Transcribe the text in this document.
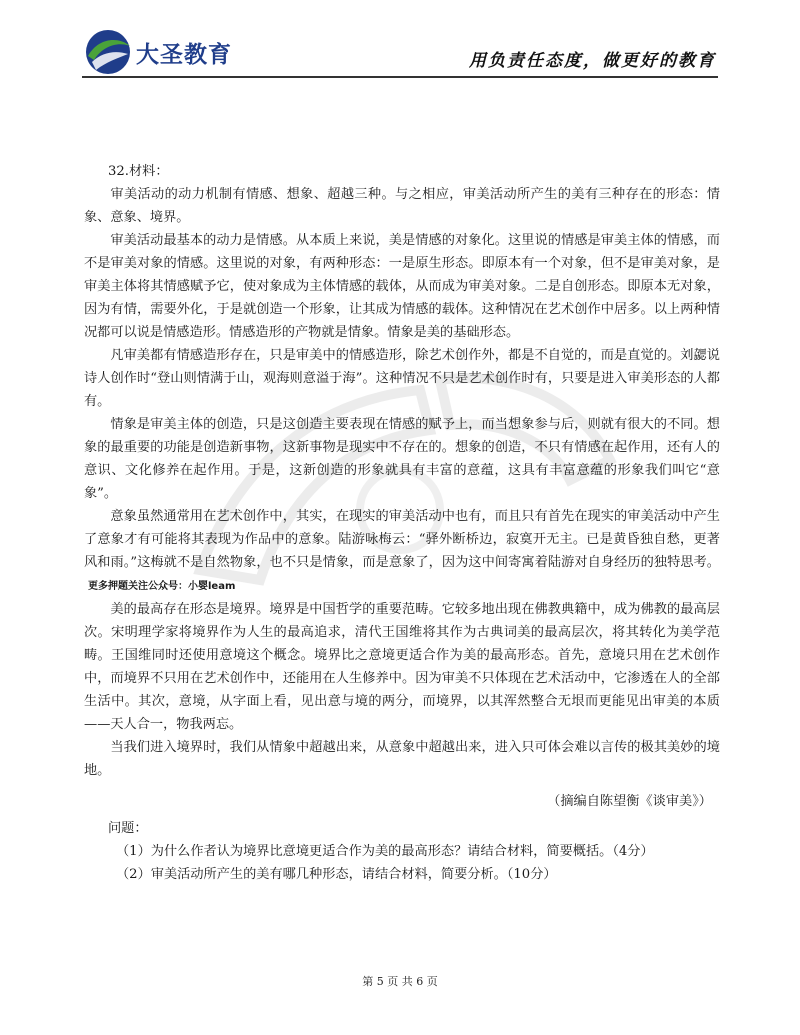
大圣教育	用负责任态度，做更好的教育

32.材料：

审美活动的动力机制有情感、想象、超越三种。与之相应，审美活动所产生的美有三种存在的形态：情象、意象、境界。

审美活动最基本的动力是情感。从本质上来说，美是情感的对象化。这里说的情感是审美主体的情感，而不是审美对象的情感。这里说的对象，有两种形态：一是原生形态。即原本有一个对象，但不是审美对象，是审美主体将其情感赋予它，使对象成为主体情感的载体，从而成为审美对象。二是自创形态。即原本无对象，因为有情，需要外化，于是就创造一个形象，让其成为情感的载体。这种情况在艺术创作中居多。以上两种情况都可以说是情感造形。情感造形的产物就是情象。情象是美的基础形态。

凡审美都有情感造形存在，只是审美中的情感造形，除艺术创作外，都是不自觉的，而是直觉的。刘勰说诗人创作时“登山则情满于山，观海则意溢于海”。这种情况不只是艺术创作时有，只要是进入审美形态的人都有。

情象是审美主体的创造，只是这创造主要表现在情感的赋予上，而当想象参与后，则就有很大的不同。想象的最重要的功能是创造新事物，这新事物是现实中不存在的。想象的创造，不只有情感在起作用，还有人的意识、文化修养在起作用。于是，这新创造的形象就具有丰富的意蕴，这具有丰富意蕴的形象我们叫它“意象”。

意象虽然通常用在艺术创作中，其实，在现实的审美活动中也有，而且只有首先在现实的审美活动中产生了意象才有可能将其表现为作品中的意象。陆游咏梅云：“驿外断桥边，寂寞开无主。已是黄昏独自愁，更著风和雨。”这梅就不是自然物象，也不只是情象，而是意象了，因为这中间寄寓着陆游对自身经历的独特思考。更多押题关注公众号：小婴leam

美的最高存在形态是境界。境界是中国哲学的重要范畴。它较多地出现在佛教典籍中，成为佛教的最高层次。宋明理学家将境界作为人生的最高追求，清代王国维将其作为古典词美的最高层次，将其转化为美学范畴。王国维同时还使用意境这个概念。境界比之意境更适合作为美的最高形态。首先，意境只用在艺术创作中，而境界不只用在艺术创作中，还能用在人生修养中。因为审美不只体现在艺术活动中，它渗透在人的全部生活中。其次，意境，从字面上看，见出意与境的两分，而境界，以其浑然整合无垠而更能见出审美的本质——天人合一，物我两忘。

当我们进入境界时，我们从情象中超越出来，从意象中超越出来，进入只可体会难以言传的极其美妙的境地。

（摘编自陈望衡《谈审美》）

问题：

（1）为什么作者认为境界比意境更适合作为美的最高形态？请结合材料，简要概括。（4分）

（2）审美活动所产生的美有哪几种形态，请结合材料，简要分析。（10分）

第 5 页 共 6 页
